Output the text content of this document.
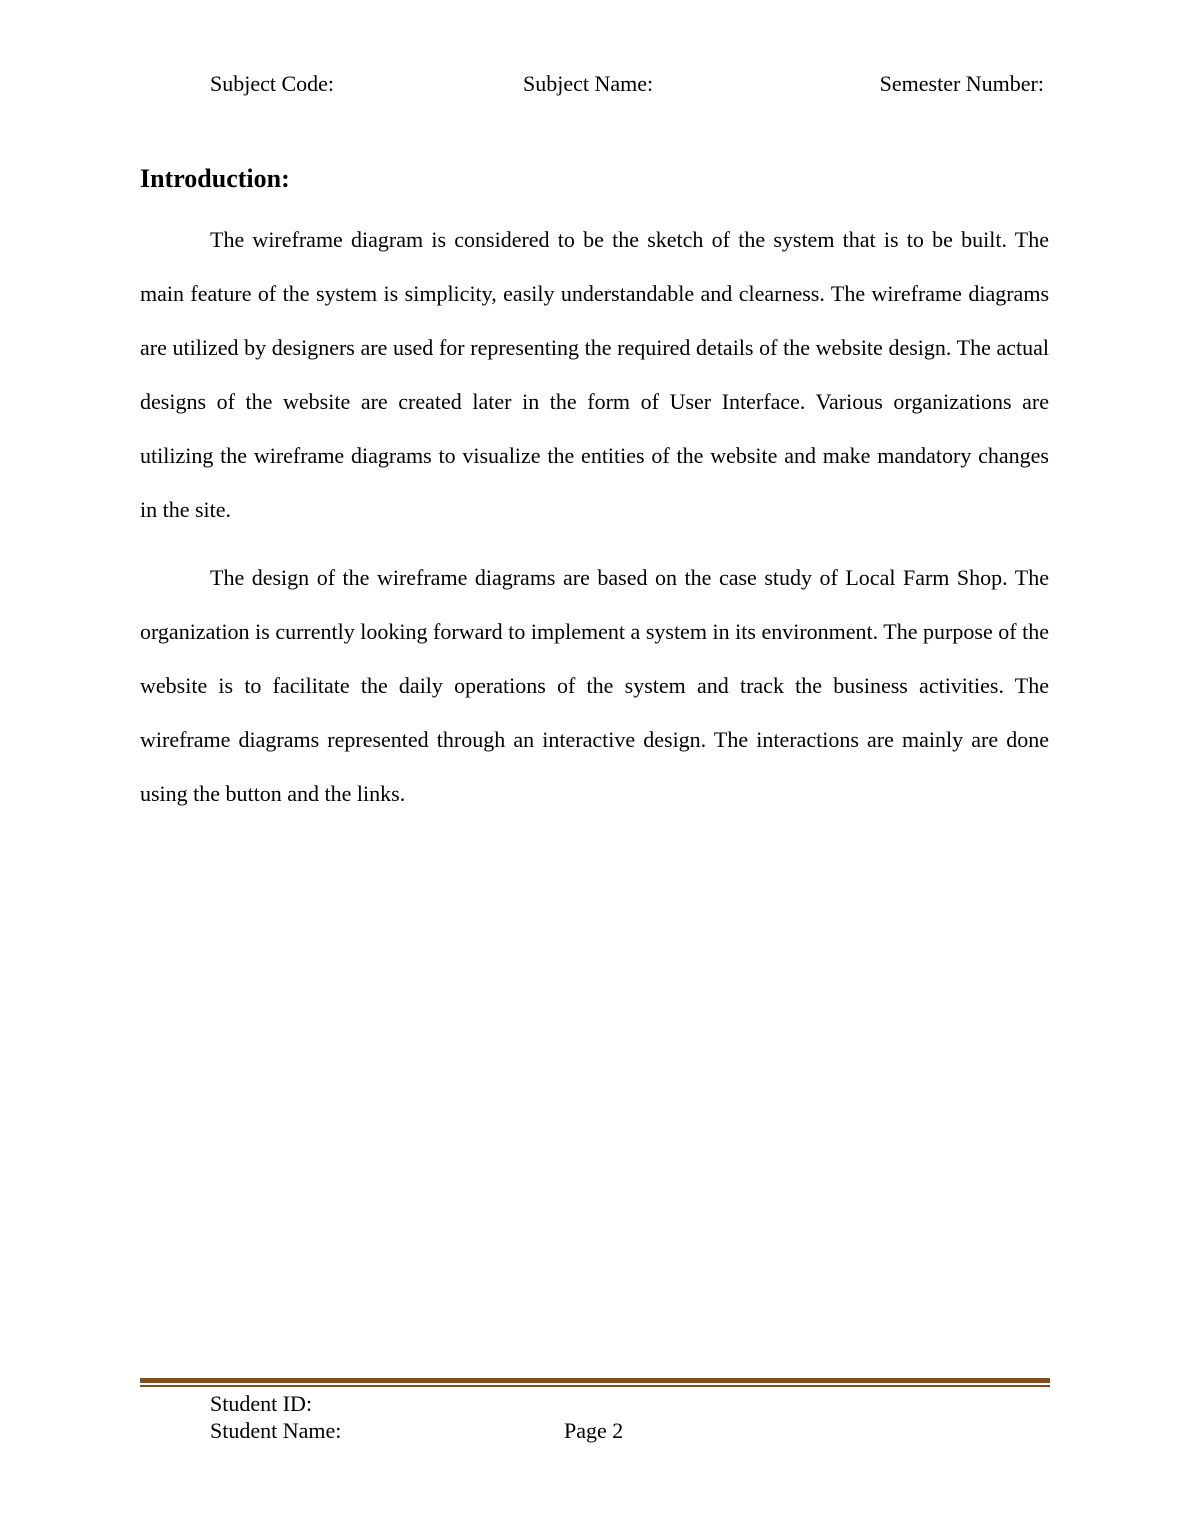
Subject Code:	Subject Name:	Semester Number:
Introduction:

The wireframe diagram is considered to be the sketch of the system that is to be built. The main feature of the system is simplicity, easily understandable and clearness. The wireframe diagrams are utilized by designers are used for representing the required details of the website design. The actual designs of the website are created later in the form of User Interface. Various organizations are utilizing the wireframe diagrams to visualize the entities of the website and make mandatory changes in the site.

The design of the wireframe diagrams are based on the case study of Local Farm Shop. The organization is currently looking forward to implement a system in its environment. The purpose of the website is to facilitate the daily operations of the system and track the business activities. The wireframe diagrams represented through an interactive design. The interactions are mainly are done using the button and the links.

Student ID:
Student Name:	Page 2
